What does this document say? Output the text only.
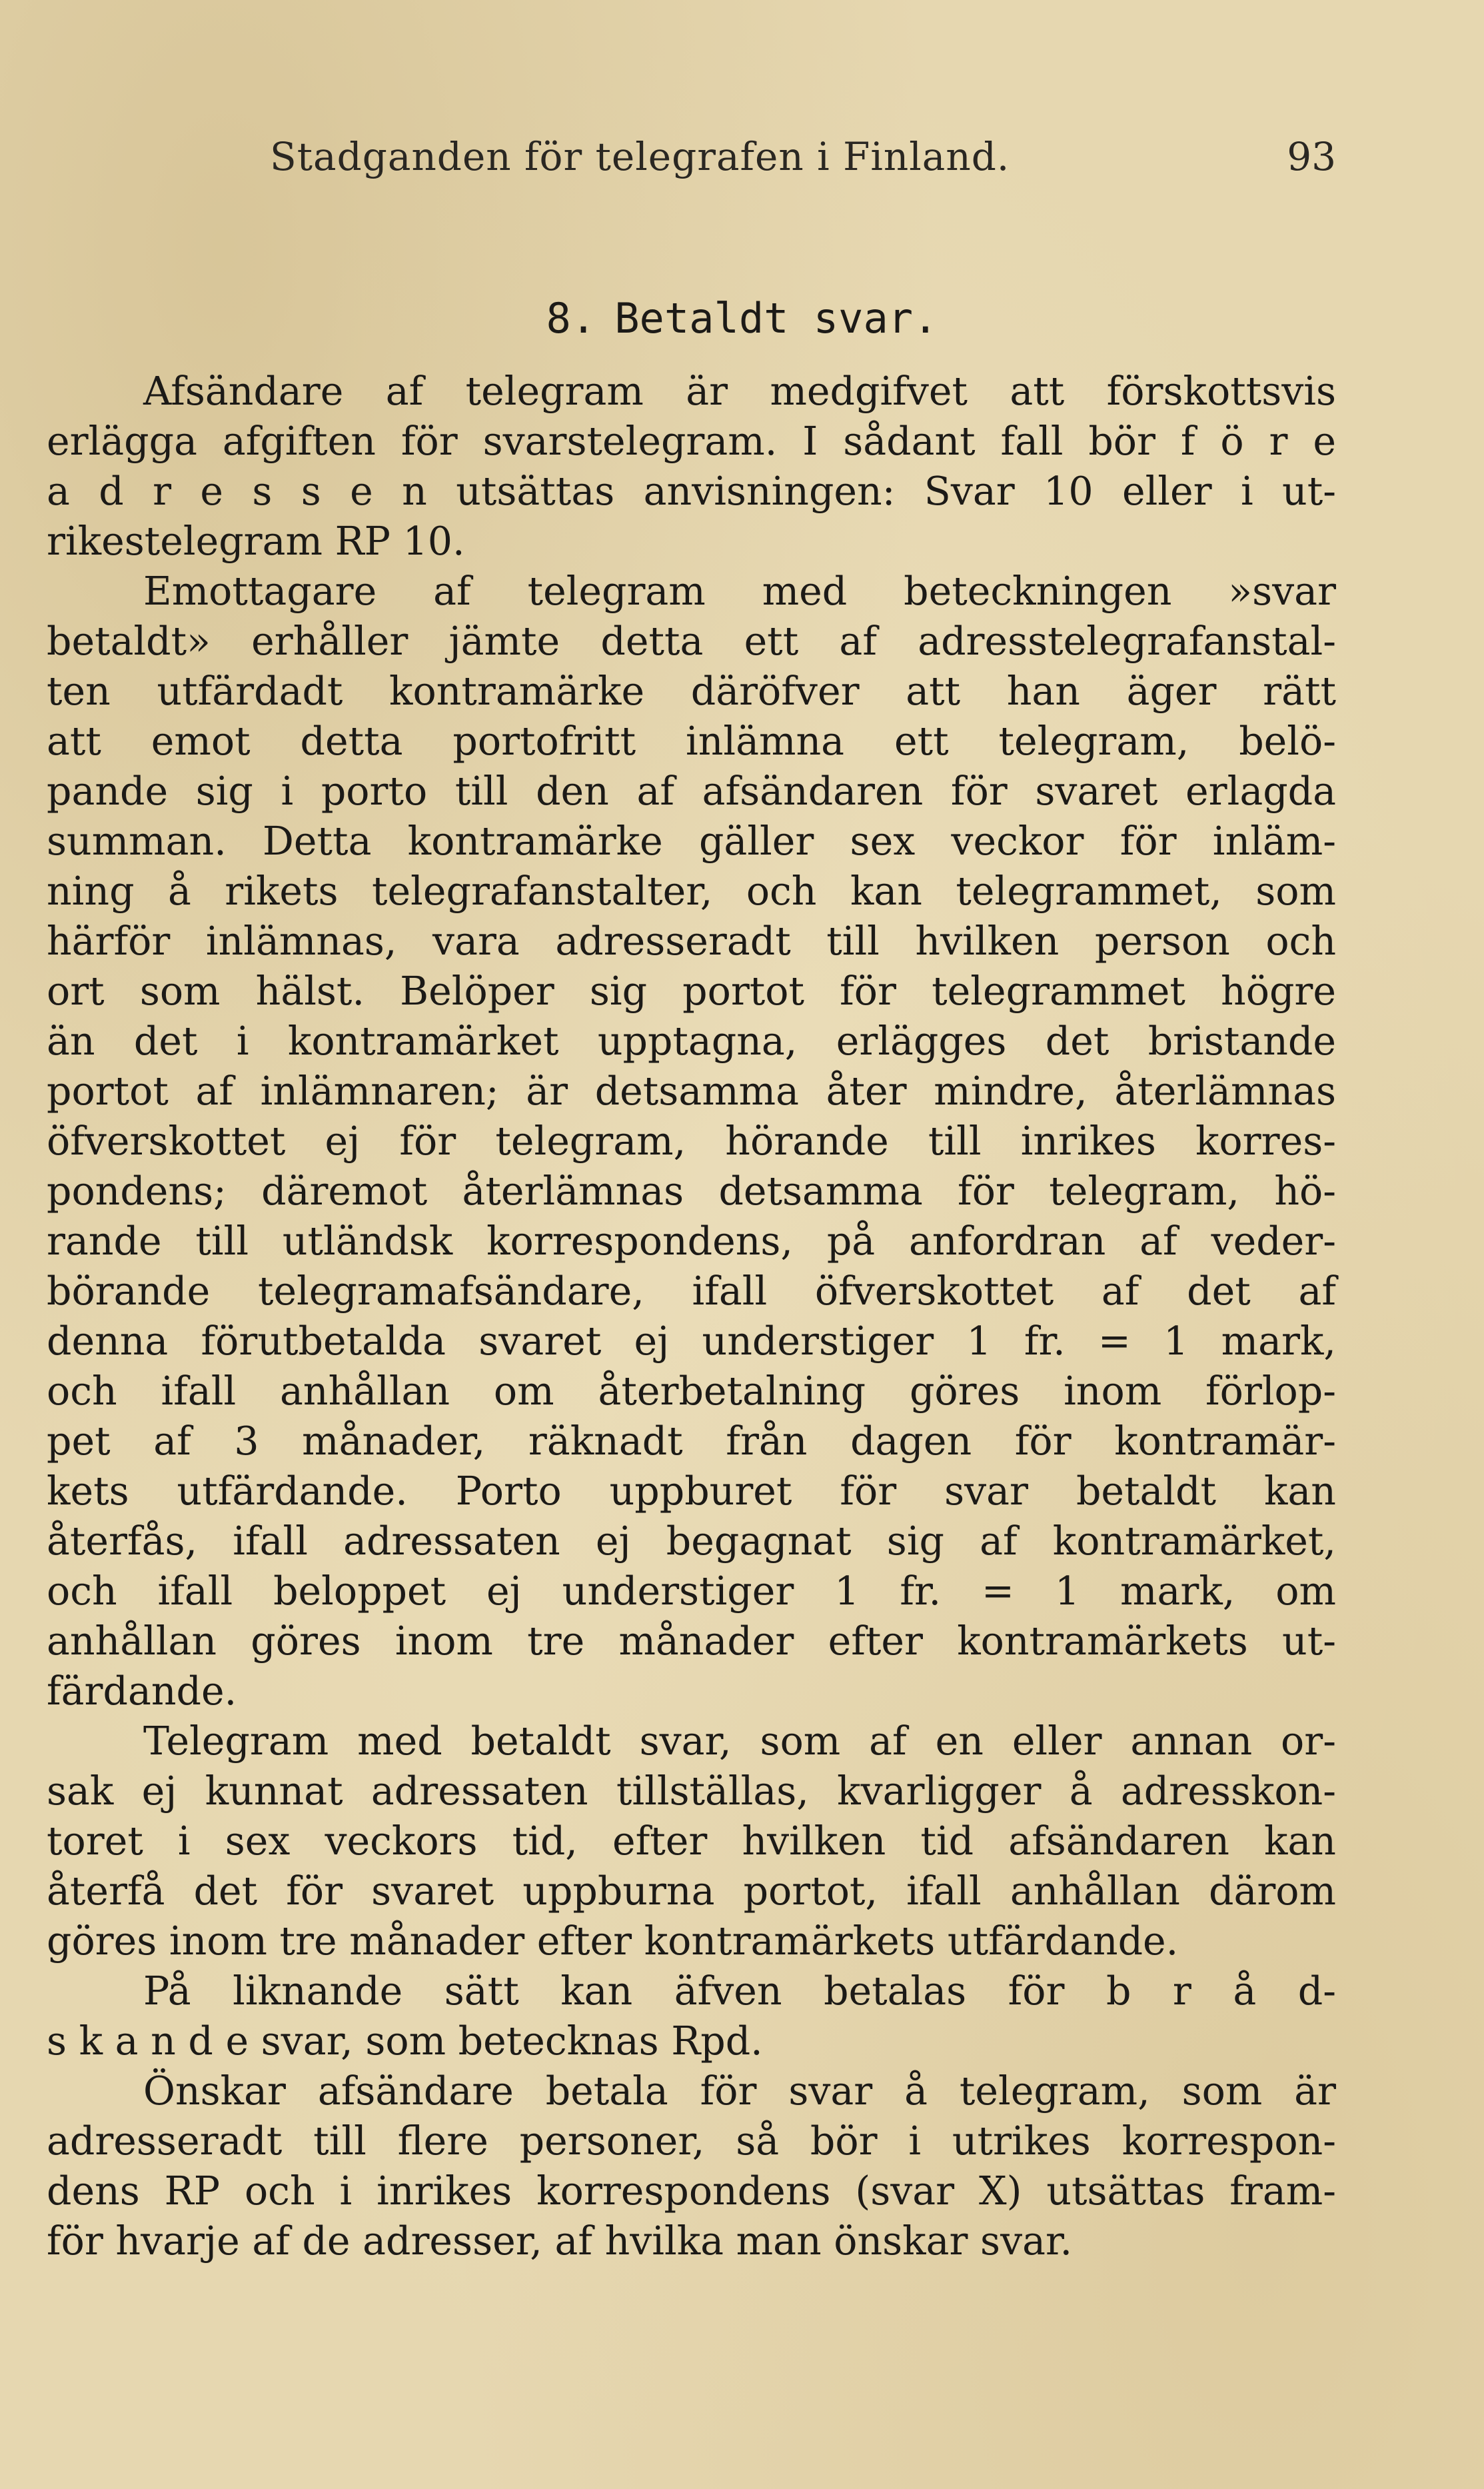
Stadganden för telegrafen i Finland.	93
8. Betaldt svar.
Afsändare af telegram är medgifvet att förskottsvis
erlägga afgiften för svarstelegram. I sådant fall bör f ö r e
a d r e s s e n utsättas anvisningen: Svar 10 eller i ut-
rikestelegram RP 10.
Emottagare af telegram med beteckningen »svar
betaldt» erhåller jämte detta ett af adresstelegrafanstal-
ten utfärdadt kontramärke däröfver att han äger rätt
att emot detta portofritt inlämna ett telegram, belö-
pande sig i porto till den af afsändaren för svaret erlagda
summan. Detta kontramärke gäller sex veckor för inläm-
ning å rikets telegrafanstalter, och kan telegrammet, som
härför inlämnas, vara adresseradt till hvilken person och
ort som hälst. Belöper sig portot för telegrammet högre
än det i kontramärket upptagna, erlägges det bristande
portot af inlämnaren; är detsamma åter mindre, återlämnas
öfverskottet ej för telegram, hörande till inrikes korres-
pondens; däremot återlämnas detsamma för telegram, hö-
rande till utländsk korrespondens, på anfordran af veder-
börande telegramafsändare, ifall öfverskottet af det af
denna förutbetalda svaret ej understiger 1 fr. = 1 mark,
och ifall anhållan om återbetalning göres inom förlop-
pet af 3 månader, räknadt från dagen för kontramär-
kets utfärdande. Porto uppburet för svar betaldt kan
återfås, ifall adressaten ej begagnat sig af kontramärket,
och ifall beloppet ej understiger 1 fr. = 1 mark, om
anhållan göres inom tre månader efter kontramärkets ut-
färdande.
Telegram med betaldt svar, som af en eller annan or-
sak ej kunnat adressaten tillställas, kvarligger å adresskon-
toret i sex veckors tid, efter hvilken tid afsändaren kan
återfå det för svaret uppburna portot, ifall anhållan därom
göres inom tre månader efter kontramärkets utfärdande.
På liknande sätt kan äfven betalas för b r å d-
s k a n d e svar, som betecknas Rpd.
Önskar afsändare betala för svar å telegram, som är
adresseradt till flere personer, så bör i utrikes korrespon-
dens RP och i inrikes korrespondens (svar X) utsättas fram-
för hvarje af de adresser, af hvilka man önskar svar.
